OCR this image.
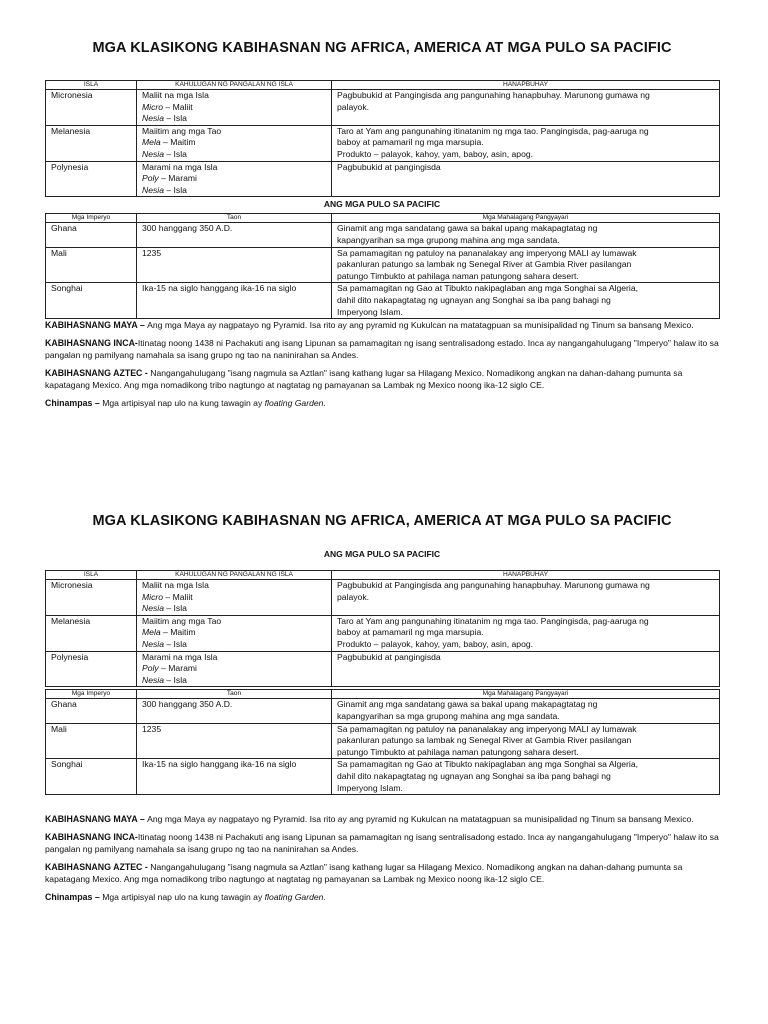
MGA KLASIKONG KABIHASNAN NG AFRICA, AMERICA AT MGA PULO SA PACIFIC
ISLA	KAHULUGAN NG PANGALAN NG ISLA	HANAPBUHAY
Micronesia	Maliit na mga Isla
Micro – Maliit
Nesia – Isla	Pagbubukid at Pangingisda ang pangunahing hanapbuhay. Marunong gumawa ng
palayok.

Melanesia	Maiitim ang mga Tao
Mela – Maitim
Nesia – Isla	Taro at Yam ang pangunahing itinatanim ng mga tao. Pangingisda, pag-aaruga ng
baboy at pamamaril ng mga marsupia.
Produkto – palayok, kahoy, yam, baboy, asin, apog.

Polynesia	Marami na mga Isla
Poly – Marami
Nesia – Isla	Pagbubukid at pangingisda

ANG MGA PULO SA PACIFIC

Mga Imperyo	Taon	Mga Mahalagang Pangyayari
Ghana	300 hanggang 350 A.D.	Ginamit ang mga sandatang gawa sa bakal upang makapagtatag ng
kapangyarihan sa mga grupong mahina ang mga sandata.

Mali	1235	Sa pamamagitan ng patuloy na pananalakay ang imperyong MALI ay lumawak
pakanluran patungo sa lambak ng Senegal River at Gambia River pasilangan
patungo Timbukto at pahilaga naman patungong sahara desert.

Songhai	Ika-15 na siglo hanggang ika-16 na siglo	Sa pamamagitan ng Gao at Tibukto nakipaglaban ang mga Songhai sa Algeria,
dahil dito nakapagtatag ng ugnayan ang Songhai sa iba pang bahagi ng
Imperyong Islam.

KABIHASNANG MAYA – Ang mga Maya ay nagpatayo ng Pyramid. Isa rito ay ang pyramid ng Kukulcan na matatagpuan sa munisipalidad ng Tinum sa bansang Mexico.

KABIHASNANG INCA-Itinatag noong 1438 ni Pachakuti ang isang Lipunan sa pamamagitan ng isang sentralisadong estado. Inca ay nangangahulugang "Imperyo" halaw ito sa pangalan ng pamilyang namahala sa isang grupo ng tao na naninirahan sa Andes.

KABIHASNANG AZTEC - Nangangahulugang "isang nagmula sa Aztlan" isang kathang lugar sa Hilagang Mexico. Nomadikong angkan na dahan-dahang pumunta sa kapatagang Mexico. Ang mga nomadikong tribo nagtungo at nagtatag ng pamayanan sa Lambak ng Mexico noong ika-12 siglo CE.

Chinampas – Mga artipisyal nap ulo na kung tawagin ay floating Garden.

MGA KLASIKONG KABIHASNAN NG AFRICA, AMERICA AT MGA PULO SA PACIFIC

ANG MGA PULO SA PACIFIC

ISLA	KAHULUGAN NG PANGALAN NG ISLA	HANAPBUHAY
Micronesia	Maliit na mga Isla
Micro – Maliit
Nesia – Isla	Pagbubukid at Pangingisda ang pangunahing hanapbuhay. Marunong gumawa ng
palayok.

Melanesia	Maiitim ang mga Tao
Mela – Maitim
Nesia – Isla	Taro at Yam ang pangunahing itinatanim ng mga tao. Pangingisda, pag-aaruga ng
baboy at pamamaril ng mga marsupia.
Produkto – palayok, kahoy, yam, baboy, asin, apog.

Polynesia	Marami na mga Isla
Poly – Marami
Nesia – Isla	Pagbubukid at pangingisda
Mga Imperyo	Taon	Mga Mahalagang Pangyayari
Ghana	300 hanggang 350 A.D.	Ginamit ang mga sandatang gawa sa bakal upang makapagtatag ng
kapangyarihan sa mga grupong mahina ang mga sandata.

Mali	1235	Sa pamamagitan ng patuloy na pananalakay ang imperyong MALI ay lumawak
pakanluran patungo sa lambak ng Senegal River at Gambia River pasilangan
patungo Timbukto at pahilaga naman patungong sahara desert.

Songhai	Ika-15 na siglo hanggang ika-16 na siglo	Sa pamamagitan ng Gao at Tibukto nakipaglaban ang mga Songhai sa Algeria,
dahil dito nakapagtatag ng ugnayan ang Songhai sa iba pang bahagi ng
Imperyong Islam.

KABIHASNANG MAYA – Ang mga Maya ay nagpatayo ng Pyramid. Isa rito ay ang pyramid ng Kukulcan na matatagpuan sa munisipalidad ng Tinum sa bansang Mexico.

KABIHASNANG INCA-Itinatag noong 1438 ni Pachakuti ang isang Lipunan sa pamamagitan ng isang sentralisadong estado. Inca ay nangangahulugang "Imperyo" halaw ito sa pangalan ng pamilyang namahala sa isang grupo ng tao na naninirahan sa Andes.

KABIHASNANG AZTEC - Nangangahulugang "isang nagmula sa Aztlan" isang kathang lugar sa Hilagang Mexico. Nomadikong angkan na dahan-dahang pumunta sa kapatagang Mexico. Ang mga nomadikong tribo nagtungo at nagtatag ng pamayanan sa Lambak ng Mexico noong ika-12 siglo CE.

Chinampas – Mga artipisyal nap ulo na kung tawagin ay floating Garden.
